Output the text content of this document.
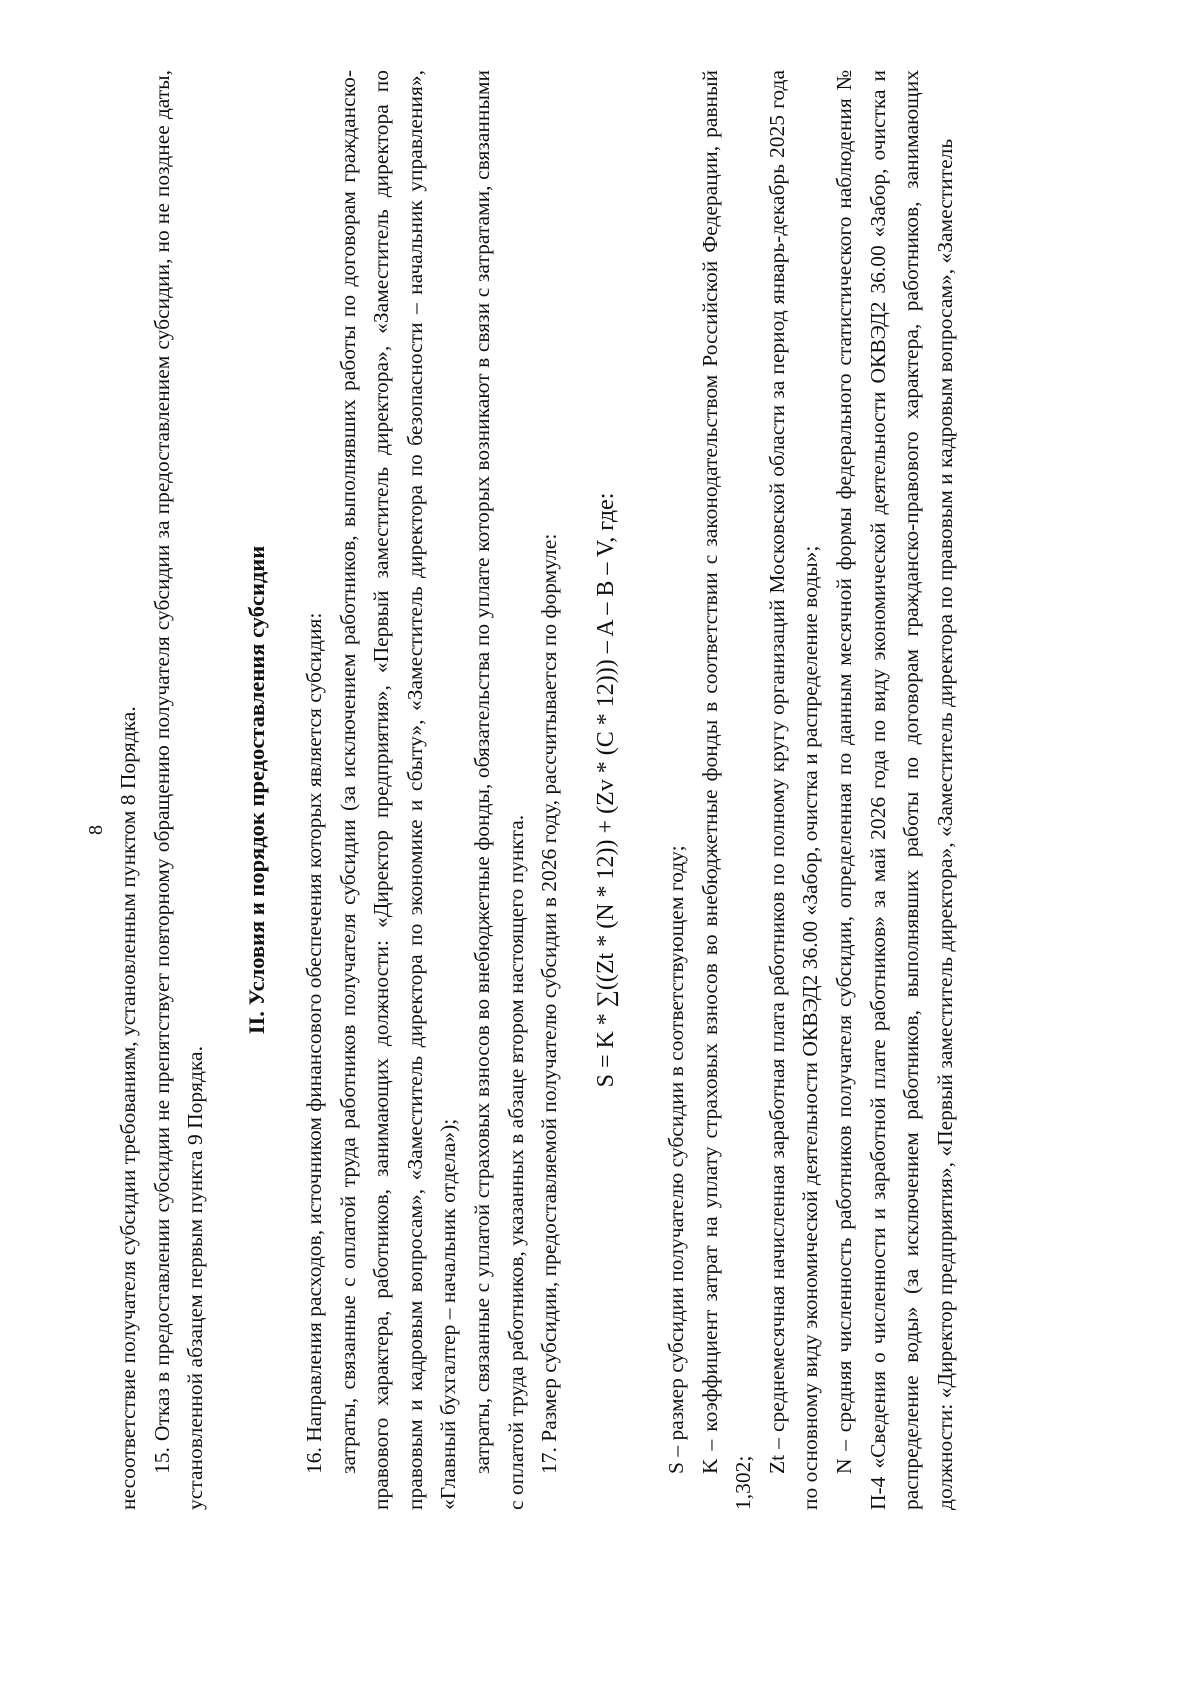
8 несоответствие получателя субсидии требованиям, установленным пунктом 8 Порядка. 15. Отказ в предоставлении субсидии не препятствует повторному обращению получателя субсидии за предоставлением субсидии, но не позднее даты, установленной абзацем первым пункта 9 Порядка.

II. Условия и порядок предоставления субсидии 16. Направления расходов, источником финансового обеспечения которых является субсидия: затраты, связанные с оплатой труда работников получателя субсидии (за исключением работников, выполнявших работы по договорам гражданско-правового характера, работников, занимающих должности: «Директор предприятия», «Первый заместитель директора», «Заместитель директора по правовым и кадровым вопросам», «Заместитель директора по экономике и сбыту», «Заместитель директора по безопасности – начальник управления», «Главный бухгалтер – начальник отдела»); затраты, связанные с уплатой страховых взносов во внебюджетные фонды, обязательства по уплате которых возникают в связи с затратами, связанными с оплатой труда работников, указанных в абзаце втором настоящего пункта. 17. Размер субсидии, предоставляемой получателю субсидии в 2026 году, рассчитывается по формуле: S = K * ∑((Zt * (N * 12)) + (Zv * (C * 12))) – A – B – V, где:

S – размер субсидии получателю субсидии в соответствующем году; K – коэффициент затрат на уплату страховых взносов во внебюджетные фонды в соответствии с законодательством Российской Федерации, равный 1,302;

Zt – среднемесячная начисленная заработная плата работников по полному кругу организаций Московской области за период январь-декабрь 2025 года по основному виду экономической деятельности ОКВЭД2 36.00 «Забор, очистка и распределение воды»; N – средняя численность работников получателя субсидии, определенная по данным месячной формы федерального статистического наблюдения № П-4 «Сведения о численности и заработной плате работников» за май 2026 года по виду экономической деятельности ОКВЭД2 36.00 «Забор, очистка и распределение воды» (за исключением работников, выполнявших работы по договорам гражданско-правового характера, работников, занимающих должности: «Директор предприятия», «Первый заместитель директора», «Заместитель директора по правовым и кадровым вопросам», «Заместитель
